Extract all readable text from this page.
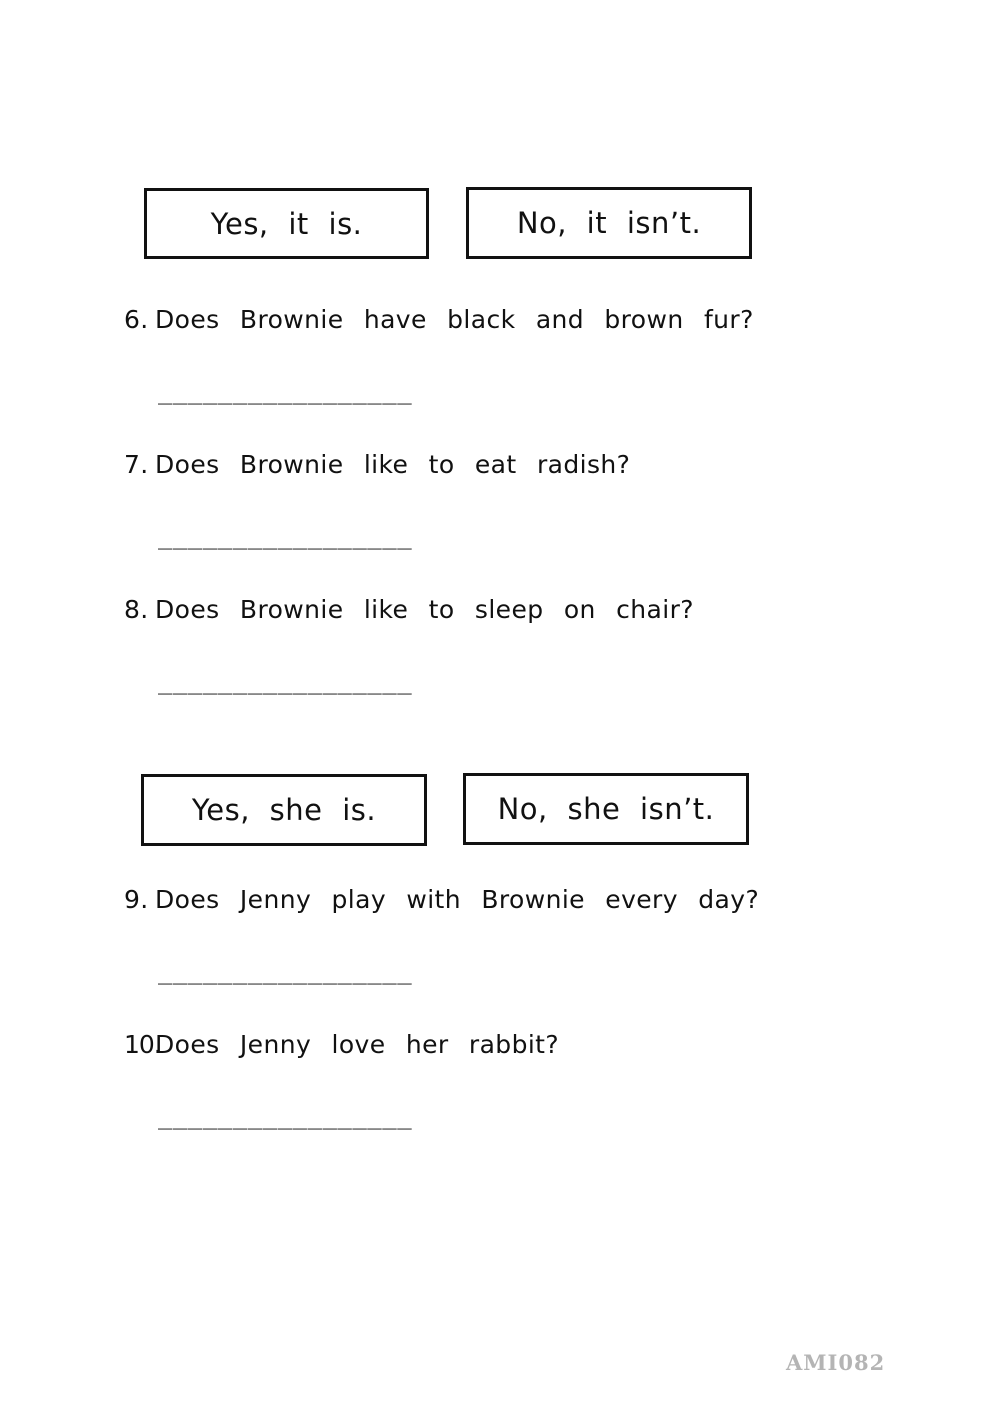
Yes, it is.	No, it isn’t.
6. Does Brownie have black and brown fur?
_________________
7. Does Brownie like to eat radish?
_________________
8. Does Brownie like to sleep on chair?
_________________
Yes, she is.	No, she isn’t.
9. Does Jenny play with Brownie every day?
_________________
10.Does Jenny love her rabbit?
_________________
AMI082
